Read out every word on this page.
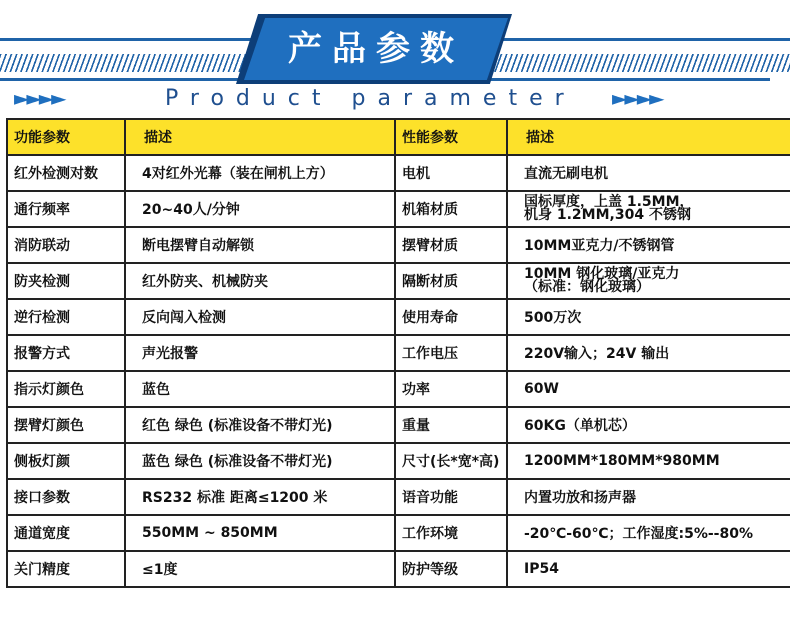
产品参数
►►►►	Product parameter ►►►►
功能参数	描述	性能参数	描述
红外检测对数	4对红外光幕（装在闸机上方）	电机	直流无刷电机
通行频率	20~40人/分钟	机箱材质	国标厚度，上盖 1.5MM，
机身 1.2MM,304 不锈钢
消防联动	断电摆臂自动解锁	摆臂材质	10MM亚克力/不锈钢管
防夹检测	红外防夹、机械防夹	隔断材质	10MM 钢化玻璃/亚克力
（标准：钢化玻璃）
逆行检测	反向闯入检测	使用寿命	500万次
报警方式	声光报警	工作电压	220V输入；24V 输出
指示灯颜色	蓝色	功率	60W
摆臂灯颜色	红色 绿色 (标准设备不带灯光)	重量	60KG（单机芯）
侧板灯颜	蓝色 绿色 (标准设备不带灯光)	尺寸(长*宽*高)	1200MM*180MM*980MM
接口参数	RS232 标准 距离≤1200 米	语音功能	内置功放和扬声器
通道宽度	550MM ~ 850MM	工作环境	-20℃-60℃；工作湿度:5%--80%
关门精度	≤1度	防护等级	IP54
